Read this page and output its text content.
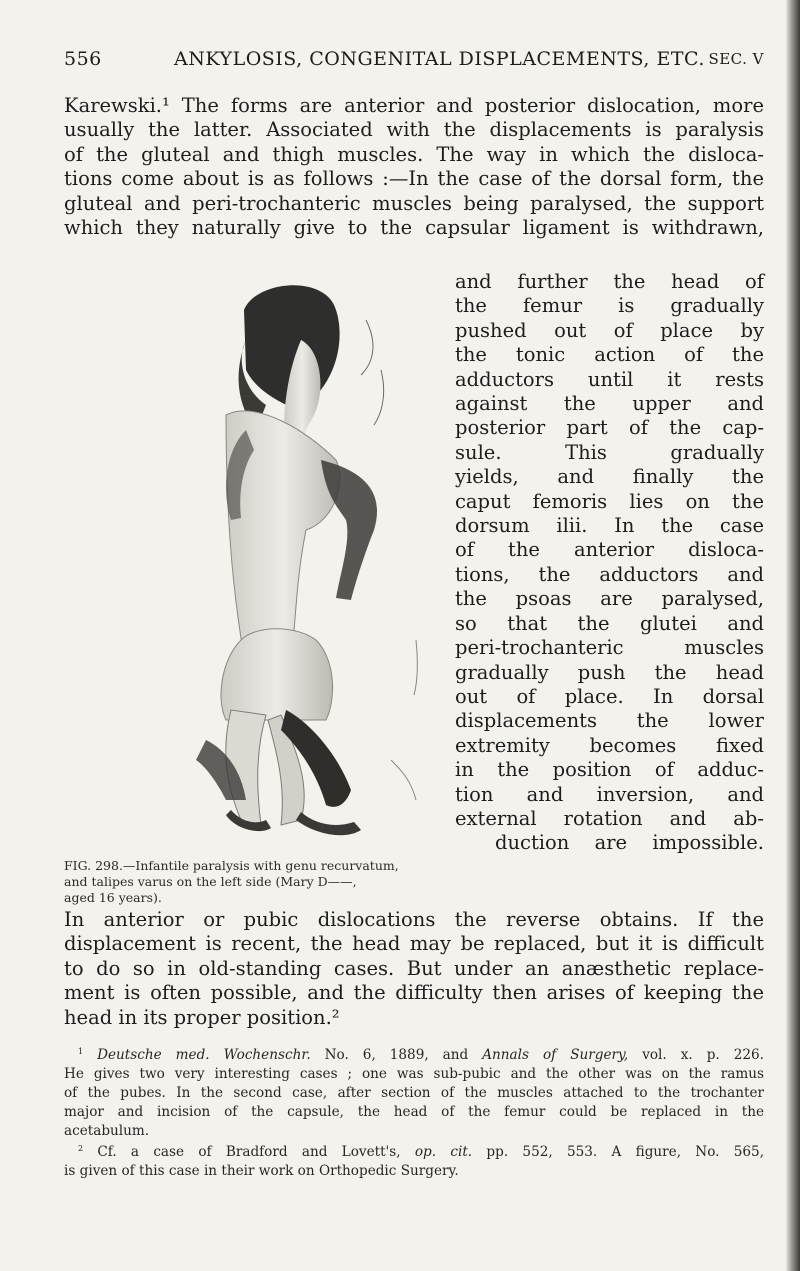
556	ANKYLOSIS, CONGENITAL DISPLACEMENTS, ETC. SEC. V

Karewski.¹ The forms are anterior and posterior dislocation, more

usually the latter. Associated with the displacements is paralysis

of the gluteal and thigh muscles. The way in which the disloca-

tions come about is as follows :—In the case of the dorsal form, the

gluteal and peri-trochanteric muscles being paralysed, the support

which they naturally give to the capsular ligament is withdrawn,

and further the head of

the femur is gradually

pushed out of place by

the tonic action of the

adductors until it rests

against the upper and

posterior part of the cap-

sule. This gradually

yields, and finally the

caput femoris lies on the

dorsum ilii. In the case

of the anterior disloca-

tions, the adductors and

the psoas are paralysed,

so that the glutei and

peri-trochanteric muscles

gradually push the head

out of place. In dorsal

displacements the lower

extremity becomes fixed

in the position of adduc-

tion and inversion, and

external rotation and ab-

duction are impossible.

FIG. 298.—Infantile paralysis with genu recurvatum,

and talipes varus on the left side (Mary D——,

aged 16 years).

In anterior or pubic dislocations the reverse obtains. If the

displacement is recent, the head may be replaced, but it is difficult

to do so in old-standing cases. But under an anæsthetic replace-

ment is often possible, and the difficulty then arises of keeping the

head in its proper position.²

$^1$ Deutsche med. Wochenschr. No. 6, 1889, and Annals of Surgery, vol. x. p. 226.

He gives two very interesting cases ; one was sub-pubic and the other was on the ramus

of the pubes. In the second case, after section of the muscles attached to the trochanter

major and incision of the capsule, the head of the femur could be replaced in the

acetabulum.

$^2$ Cf. a case of Bradford and Lovett's, op. cit. pp. 552, 553. A figure, No. 565,

is given of this case in their work on Orthopedic Surgery.
